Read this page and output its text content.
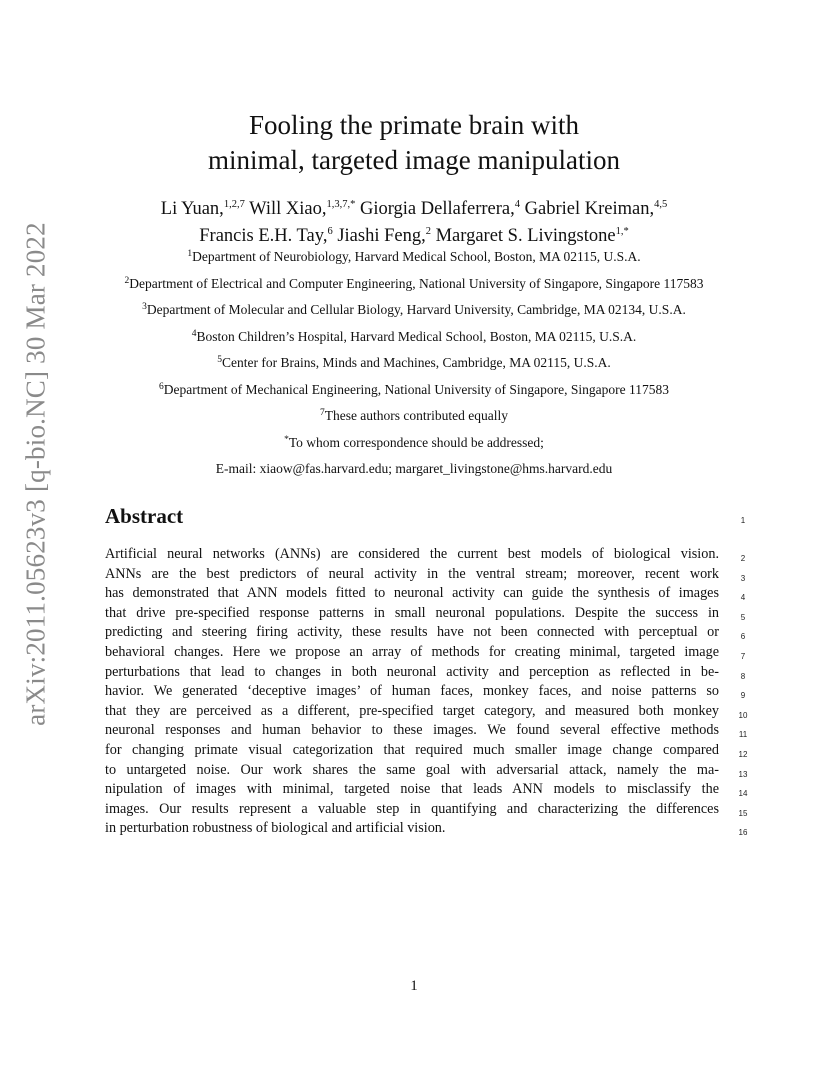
arXiv:2011.05623v3 [q-bio.NC] 30 Mar 2022
Fooling the primate brain with
minimal, targeted image manipulation
Li Yuan,$^{1,2,7}$ Will Xiao,$^{1,3,7,*}$ Giorgia Dellaferrera,$^4$ Gabriel Kreiman,$^{4,5}$
Francis E.H. Tay,$^6$ Jiashi Feng,$^2$ Margaret S. Livingstone$^{1,*}$
$^1$Department of Neurobiology, Harvard Medical School, Boston, MA 02115, U.S.A.
$^2$Department of Electrical and Computer Engineering, National University of Singapore, Singapore 117583
$^3$Department of Molecular and Cellular Biology, Harvard University, Cambridge, MA 02134, U.S.A.
$^4$Boston Children’s Hospital, Harvard Medical School, Boston, MA 02115, U.S.A.
$^5$Center for Brains, Minds and Machines, Cambridge, MA 02115, U.S.A.
$^6$Department of Mechanical Engineering, National University of Singapore, Singapore 117583
$^7$These authors contributed equally
*To whom correspondence should be addressed;
E-mail: xiaow@fas.harvard.edu; margaret_livingstone@hms.harvard.edu
Abstract
Artificial neural networks (ANNs) are considered the current best models of biological vision.
ANNs are the best predictors of neural activity in the ventral stream; moreover, recent work
has demonstrated that ANN models fitted to neuronal activity can guide the synthesis of images
that drive pre-specified response patterns in small neuronal populations. Despite the success in
predicting and steering firing activity, these results have not been connected with perceptual or
behavioral changes. Here we propose an array of methods for creating minimal, targeted image
perturbations that lead to changes in both neuronal activity and perception as reflected in be-
havior. We generated ‘deceptive images’ of human faces, monkey faces, and noise patterns so
that they are perceived as a different, pre-specified target category, and measured both monkey
neuronal responses and human behavior to these images. We found several effective methods
for changing primate visual categorization that required much smaller image change compared
to untargeted noise. Our work shares the same goal with adversarial attack, namely the ma-
nipulation of images with minimal, targeted noise that leads ANN models to misclassify the
images. Our results represent a valuable step in quantifying and characterizing the differences
in perturbation robustness of biological and artificial vision.
1
2
3
4
5
6
7
8
9
10
11
12
13
14
15
16
1
